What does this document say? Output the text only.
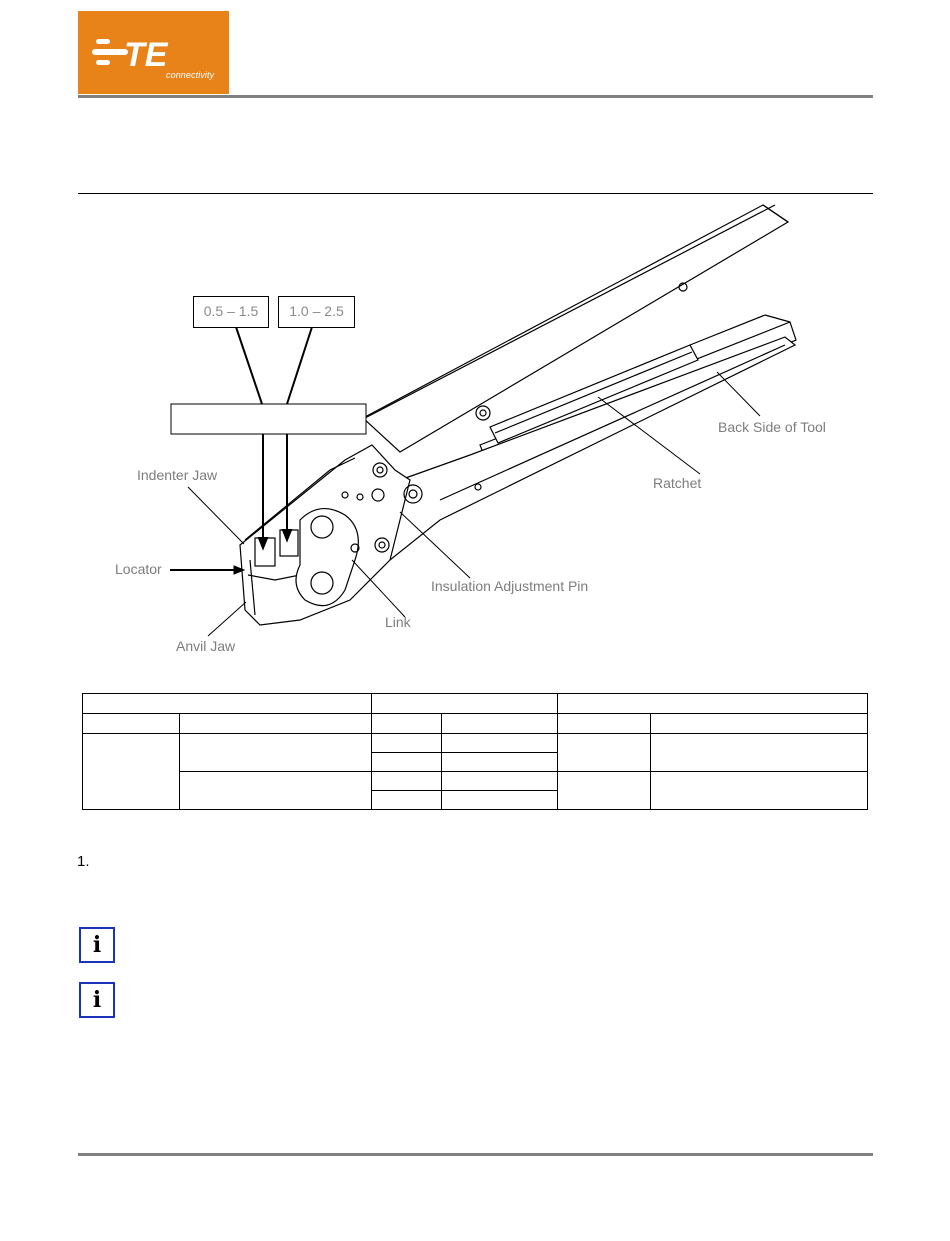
TE
connectivity
0.5 – 1.5	1.0 – 2.5
Indenter Jaw
Locator
Anvil Jaw
Link
Insulation Adjustment Pin
Ratchet
Back Side of Tool

1.
i
i
